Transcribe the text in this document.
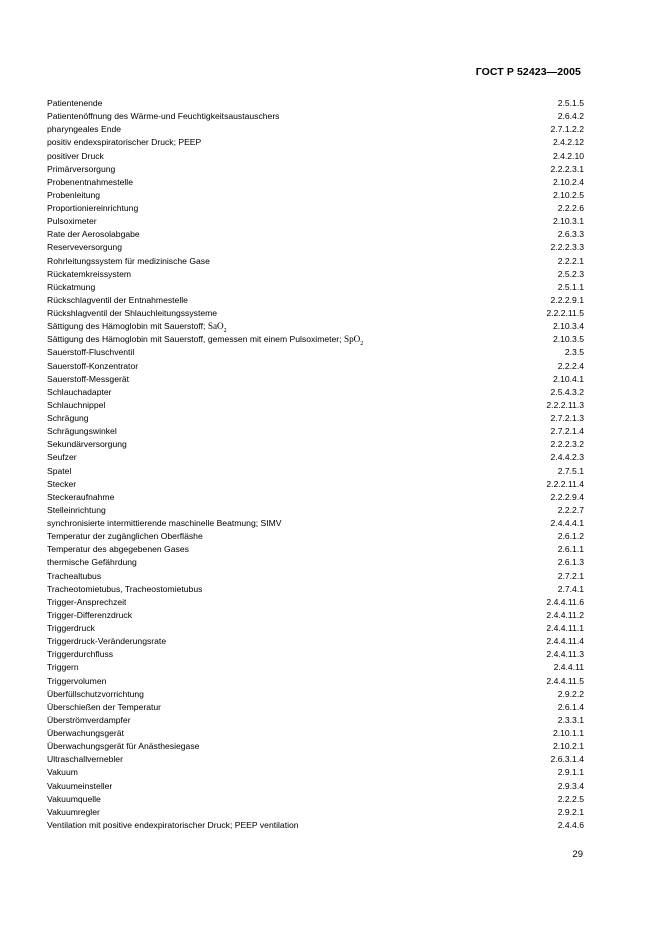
ГОСТ Р 52423—2005
Patientenende	2.5.1.5
Patientenöffnung des Wärme-und Feuchtigkeitsaustauschers	2.6.4.2
pharyngeales Ende	2.7.1.2.2
positiv endexspiratorischer Druck; PEEP	2.4.2.12
positiver Druck	2.4.2.10
Primärversorgung	2.2.2.3.1
Probenentnahmestelle	2.10.2.4
Probenleitung	2.10.2.5
Proportioniereinrichtung	2.2.2.6
Pulsoximeter	2.10.3.1
Rate der Aerosolabgabe	2.6.3.3
Reserveversorgung	2.2.2.3.3
Rohrleitungssystem für medizinische Gase	2.2.2.1
Rückatemkreissystem	2.5.2.3
Rückatmung	2.5.1.1
Rückschlagventil der Entnahmestelle	2.2.2.9.1
Rückshlagventil der Shlauchleitungssysteme	2.2.2.11.5
Sättigung des Hämoglobin mit Sauerstoff; SaO$_2$	2.10.3.4
Sättigung des Hämoglobin mit Sauerstoff, gemessen mit einem Pulsoximeter; SpO$_2$	2.10.3.5
Sauerstoff-Fluschventil	2.3.5
Sauerstoff-Konzentrator	2.2.2.4
Sauerstoff-Messgerät	2.10.4.1
Schlauchadapter	2.5.4.3.2
Schlauchnippel	2.2.2.11.3
Schrägung	2.7.2.1.3
Schrägungswinkel	2.7.2.1.4
Sekundärversorgung	2.2.2.3.2
Seufzer	2.4.4.2.3
Spatel	2.7.5.1
Stecker	2.2.2.11.4
Steckeraufnahme	2.2.2.9.4
Stelleinrichtung	2.2.2.7
synchronisierte intermittierende maschinelle Beatmung; SIMV	2.4.4.4.1
Temperatur der zugänglichen Oberfläshe	2.6.1.2
Temperatur des abgegebenen Gases	2.6.1.1
thermische Gefährdung	2.6.1.3
Trachealtubus	2.7.2.1
Tracheotomietubus, Tracheostomietubus	2.7.4.1
Trigger-Ansprechzeit	2.4.4.11.6
Trigger-Differenzdruck	2.4.4.11.2
Triggerdruck	2.4.4.11.1
Triggerdruck-Veränderungsrate	2.4.4.11.4
Triggerdurchfluss	2.4.4.11.3
Triggern	2.4.4.11
Triggervolumen	2.4.4.11.5
Überfüllschutzvorrichtung	2.9.2.2
Überschießen der Temperatur	2.6.1.4
Überströmverdampfer	2.3.3.1
Überwachungsgerät	2.10.1.1
Überwachungsgerät für Anästhesiegase	2.10.2.1
Ultraschallvernebler	2.6.3.1.4
Vakuum	2.9.1.1
Vakuumeinsteller	2.9.3.4
Vakuumquelle	2.2.2.5
Vakuumregler	2.9.2.1
Ventilation mit positive endexpiratorischer Druck; PEEP ventilation	2.4.4.6
29
